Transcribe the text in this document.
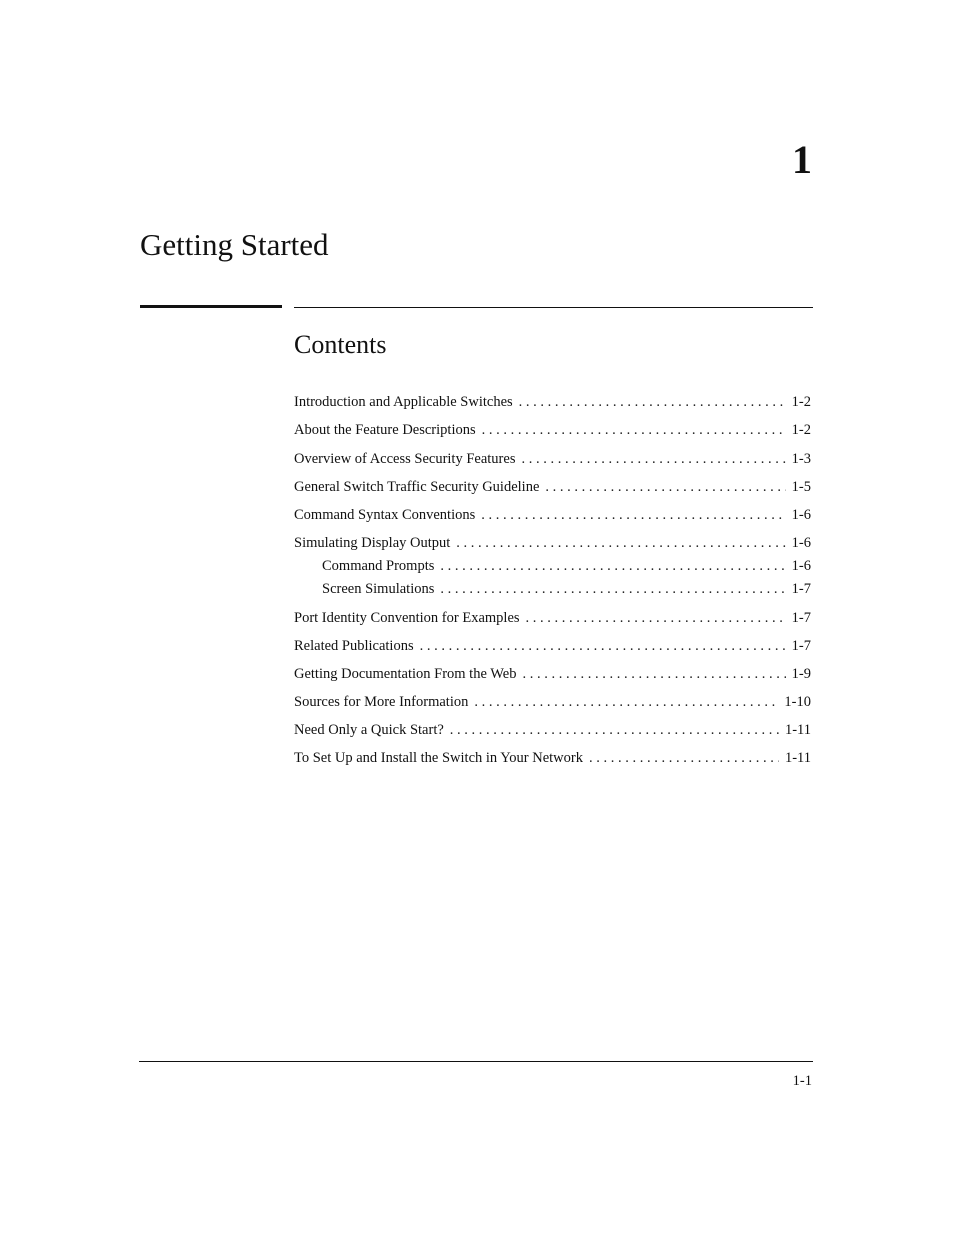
1
Getting Started
Contents
Introduction and Applicable Switches . . .	1-2
About the Feature Descriptions . . .	1-2
Overview of Access Security Features . . .	1-3
General Switch Traffic Security Guideline . . .	1-5
Command Syntax Conventions . . .	1-6
Simulating Display Output . . .	1-6
Command Prompts . . .	1-6
Screen Simulations . . .	1-7
Port Identity Convention for Examples . . .	1-7
Related Publications . . .	1-7
Getting Documentation From the Web . . .	1-9
Sources for More Information . . .	1-10
Need Only a Quick Start? . . .	1-11
To Set Up and Install the Switch in Your Network . . .	1-11
1-1
